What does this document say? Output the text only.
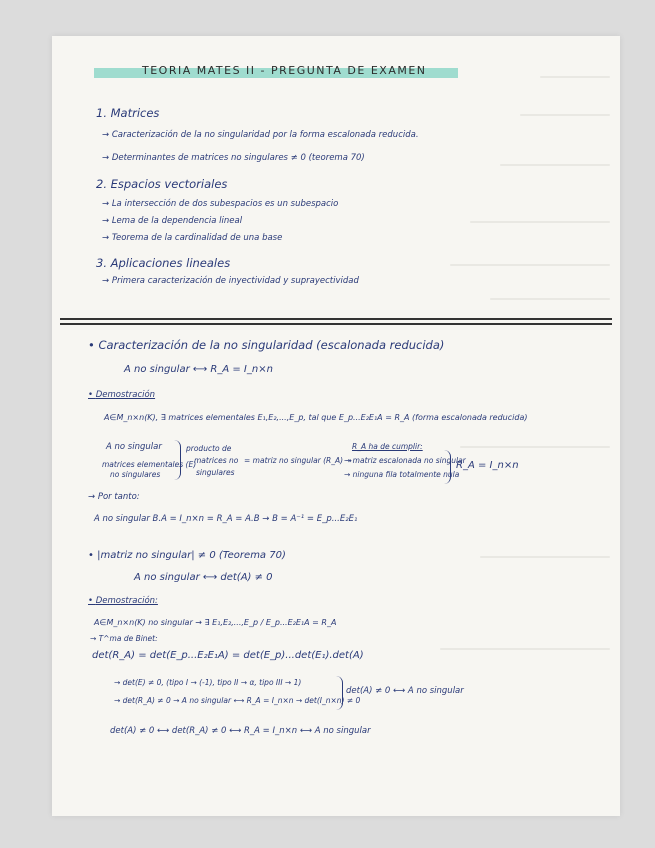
TEORIA MATES II - PREGUNTA DE EXAMEN
1. Matrices
→ Caracterización de la no singularidad por la forma escalonada reducida.
→ Determinantes de matrices no singulares ≠ 0 (teorema 70)
2. Espacios vectoriales
→ La intersección de dos subespacios es un subespacio
→ Lema de la dependencia lineal
→ Teorema de la cardinalidad de una base
3. Aplicaciones lineales
→ Primera caracterización de inyectividad y suprayectividad
• Caracterización de la no singularidad (escalonada reducida)
A no singular ⟷ R_A = I_n×n
• Demostración
A∈M_n×n(K), ∃ matrices elementales E₁,E₂,...,E_p, tal que E_p...E₂E₁A = R_A (forma escalonada reducida)
A no singular
matrices elementales (E)
no singulares
producto de
matrices no
singulares
= matriz no singular (R_A) →
R_A ha de cumplir:
→ matriz escalonada no singular
→ ninguna fila totalmente nula
R_A = I_n×n
→ Por tanto:
A no singular B.A = I_n×n = R_A = A.B → B = A⁻¹ = E_p...E₂E₁
• |matriz no singular| ≠ 0 (Teorema 70)
A no singular ⟷ det(A) ≠ 0
• Demostración:
A∈M_n×n(K) no singular → ∃ E₁,E₂,...,E_p / E_p...E₂E₁A = R_A
→ T^ma de Binet:
det(R_A) = det(E_p...E₂E₁A) = det(E_p)...det(E₁).det(A)
→ det(E) ≠ 0, (tipo I → (-1), tipo II → α, tipo III → 1)
→ det(R_A) ≠ 0 → A no singular ⟷ R_A = I_n×n → det(I_n×n) ≠ 0
det(A) ≠ 0 ⟷ A no singular
det(A) ≠ 0 ⟷ det(R_A) ≠ 0 ⟷ R_A = I_n×n ⟷ A no singular
